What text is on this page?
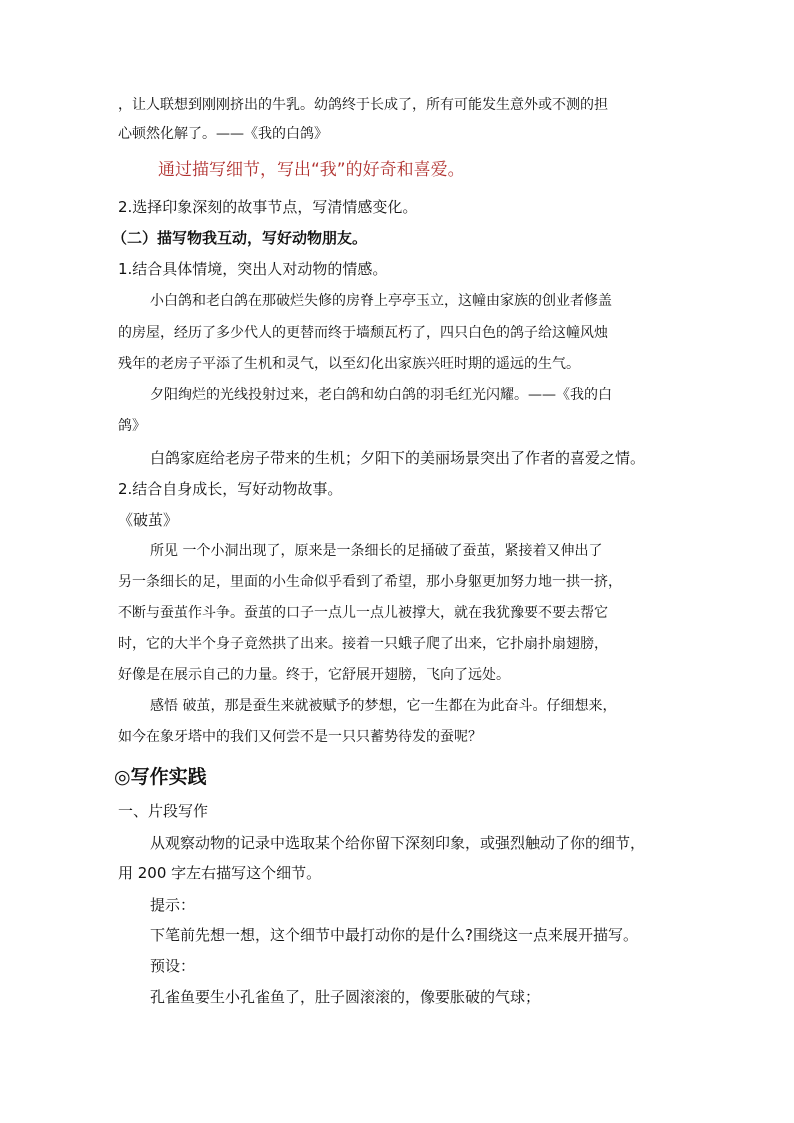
，让人联想到刚刚挤出的牛乳。幼鸽终于长成了，所有可能发生意外或不测的担
心顿然化解了。——《我的白鸽》
通过描写细节，写出“我”的好奇和喜爱。
2.选择印象深刻的故事节点，写清情感变化。
（二）描写物我互动，写好动物朋友。
1.结合具体情境，突出人对动物的情感。
小白鸽和老白鸽在那破烂失修的房脊上亭亭玉立，这幢由家族的创业者修盖
的房屋，经历了多少代人的更替而终于墙颓瓦朽了，四只白色的鸽子给这幢风烛
残年的老房子平添了生机和灵气，以至幻化出家族兴旺时期的遥远的生气。
夕阳绚烂的光线投射过来，老白鸽和幼白鸽的羽毛红光闪耀。——《我的白
鸽》
白鸽家庭给老房子带来的生机；夕阳下的美丽场景突出了作者的喜爱之情。
2.结合自身成长，写好动物故事。
《破茧》
所见 一个小洞出现了，原来是一条细长的足捅破了蚕茧，紧接着又伸出了
另一条细长的足，里面的小生命似乎看到了希望，那小身躯更加努力地一拱一挤，
不断与蚕茧作斗争。蚕茧的口子一点儿一点儿被撑大，就在我犹豫要不要去帮它
时，它的大半个身子竟然拱了出来。接着一只蛾子爬了出来，它扑扇扑扇翅膀，
好像是在展示自己的力量。终于，它舒展开翅膀，飞向了远处。
感悟 破茧，那是蚕生来就被赋予的梦想，它一生都在为此奋斗。仔细想来，
如今在象牙塔中的我们又何尝不是一只只蓄势待发的蚕呢？
◎写作实践
一、片段写作
从观察动物的记录中选取某个给你留下深刻印象，或强烈触动了你的细节，
用 200 字左右描写这个细节。
提示：
下笔前先想一想，这个细节中最打动你的是什么?围绕这一点来展开描写。
预设：
孔雀鱼要生小孔雀鱼了，肚子圆滚滚的，像要胀破的气球；
